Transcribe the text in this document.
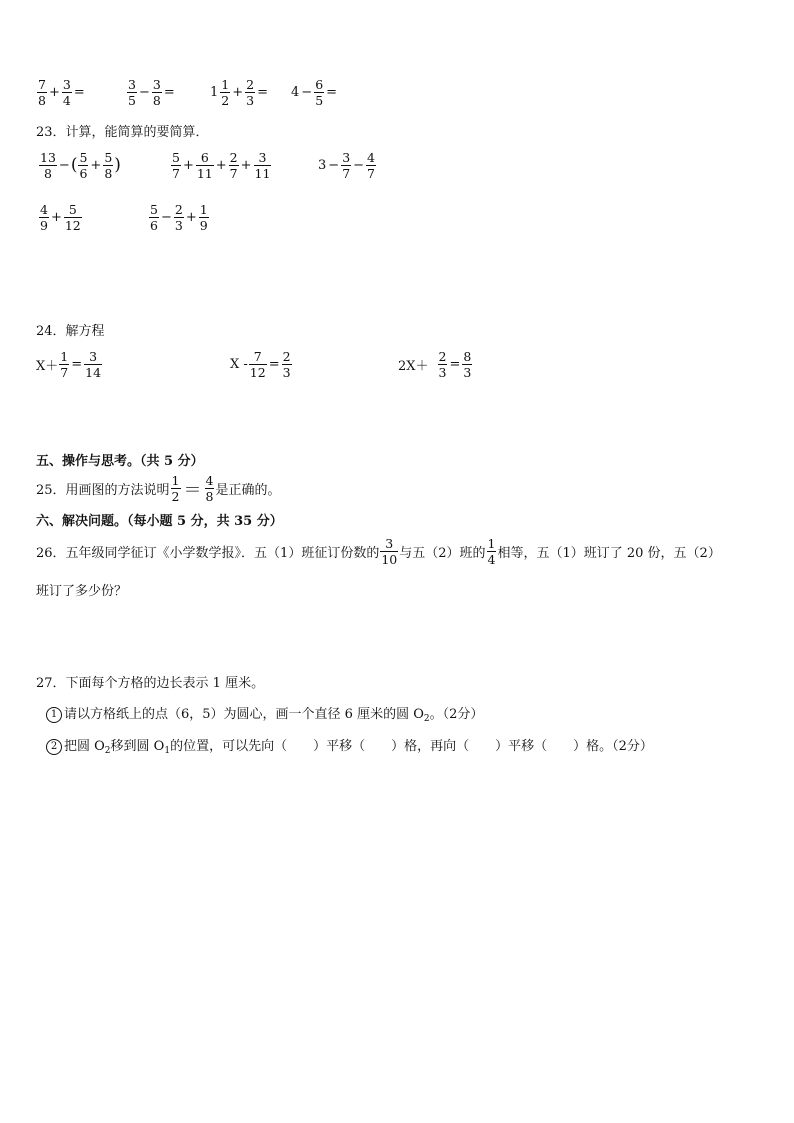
$\frac{7}{8} + \frac{3}{4}$ =	$\frac{3}{5} - \frac{3}{8}$ =	$1 \frac{1}{2} + \frac{2}{3} = 4 - \frac{6}{5}$ =
23．计算，能简算的要简算．
$\frac{13}{8}$ − ( $\frac{5}{6} + \frac{5}{8}$ )	$\frac{5}{7} + \frac{6}{11} + \frac{2}{7} + \frac{3}{11}$	$3 - \frac{3}{7} - \frac{4}{7}$
$\frac{4}{9} + \frac{5}{12}$	$\frac{5}{6} - \frac{2}{3} + \frac{1}{9}$
24．解方程
$X+ \frac{1}{7} = \frac{3}{14}$	$X - \frac{7}{12} = \frac{2}{3}$	$2X+ \frac{2}{3} = \frac{8}{3}$
五、操作与思考。（共 5 分）
25．用画图的方法说明 $\frac{1}{2} = \frac{4}{8}$ 是正确的。
六、解决问题。（每小题 5 分，共 35 分）
26．五年级同学征订《小学数学报》．五（1）班征订份数的 $\frac{3}{10}$ 与五（2）班的 $\frac{1}{4}$ 相等，五（1）班订了 20 份，五（2）
班订了多少份？
27．下面每个方格的边长表示 1 厘米。
1 请以方格纸上的点（6，5）为圆心，画一个直径 6 厘米的圆 $O_2$。（2分）
2 把圆 $O_2$移到圆 $O_1$的位置，可以先向（　　）平移（　　）格，再向（　　）平移（　　）格。（2分）
